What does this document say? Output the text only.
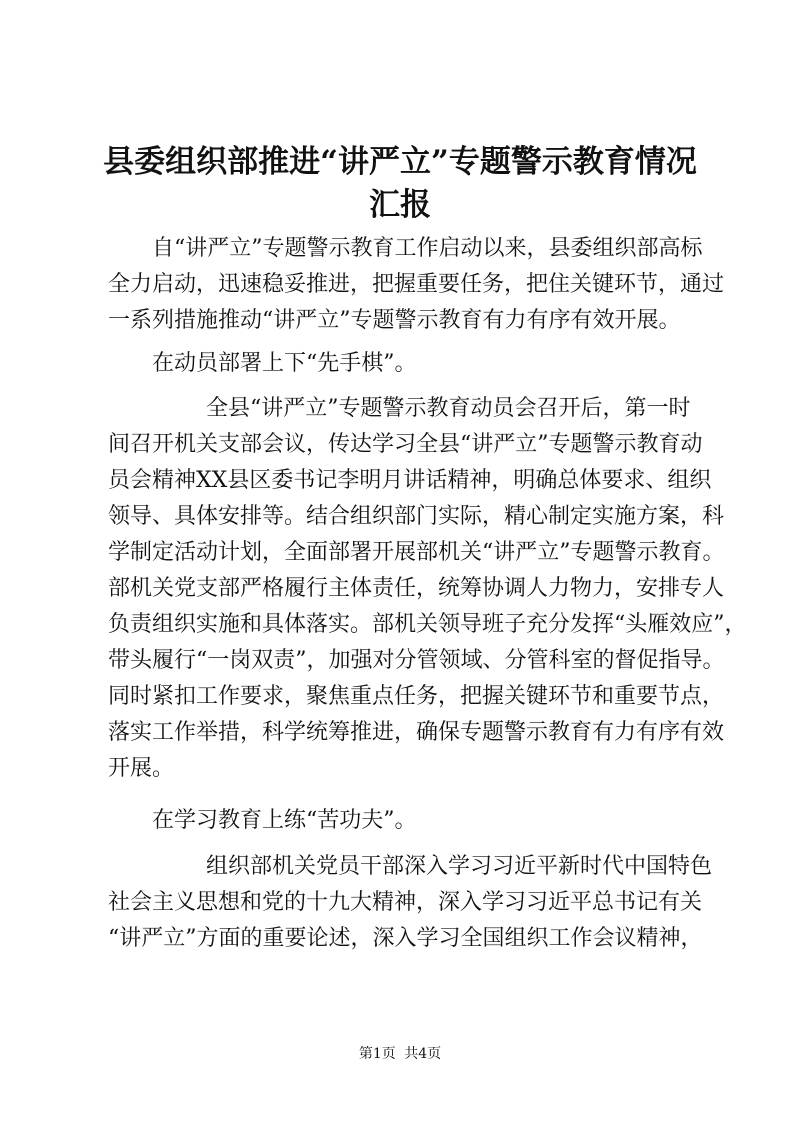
县委组织部推进“讲严立”专题警示教育情况
汇报

自“讲严立”专题警示教育工作启动以来，县委组织部高标

全力启动，迅速稳妥推进，把握重要任务，把住关键环节，通过

一系列措施推动“讲严立”专题警示教育有力有序有效开展。

在动员部署上下“先手棋”。

全县“讲严立”专题警示教育动员会召开后，第一时

间召开机关支部会议，传达学习全县“讲严立”专题警示教育动

员会精神XX县区委书记李明月讲话精神，明确总体要求、组织

领导、具体安排等。结合组织部门实际，精心制定实施方案，科

学制定活动计划，全面部署开展部机关“讲严立”专题警示教育。

部机关党支部严格履行主体责任，统筹协调人力物力，安排专人

负责组织实施和具体落实。部机关领导班子充分发挥“头雁效应”，

带头履行“一岗双责”，加强对分管领域、分管科室的督促指导。

同时紧扣工作要求，聚焦重点任务，把握关键环节和重要节点，

落实工作举措，科学统筹推进，确保专题警示教育有力有序有效

开展。

在学习教育上练“苦功夫”。

组织部机关党员干部深入学习习近平新时代中国特色

社会主义思想和党的十九大精神，深入学习习近平总书记有关

“讲严立”方面的重要论述，深入学习全国组织工作会议精神，

第1页 共4页
